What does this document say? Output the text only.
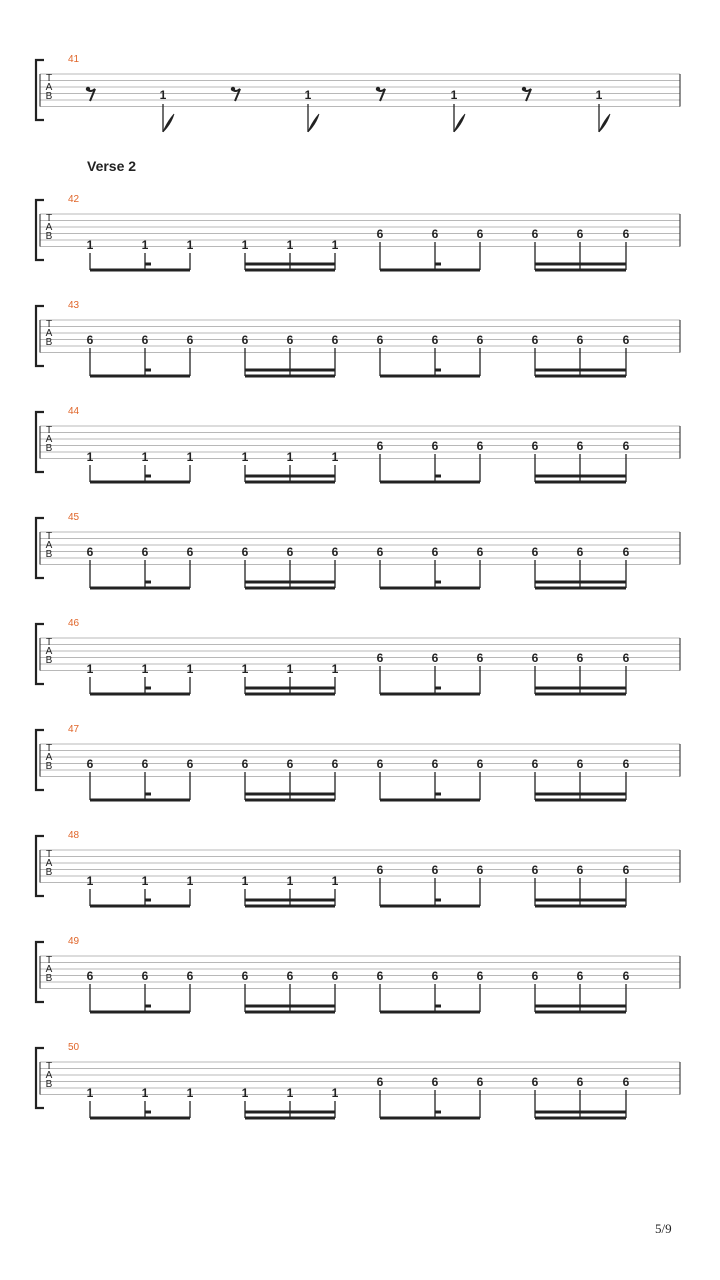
T
A
B
41
1	1	1	1
T
A
B
42
1	1	1	1	1	1
6	6	6	6	6	6
T
A
B
43
6	6	6	6	6	6	6	6	6	6	6	6
T
A
B
44
1	1	1	1	1	1
6	6	6	6	6	6
T
A
B
45
6	6	6	6	6	6	6	6	6	6	6	6
T
A
B
46
1	1	1	1	1	1
6	6	6	6	6	6
T
A
B
47
6	6	6	6	6	6	6	6	6	6	6	6
T
A
B
48
1	1	1	1	1	1
6	6	6	6	6	6
T
A
B
49
6	6	6	6	6	6	6	6	6	6	6	6
T
A
B
50
1	1	1	1	1	1
6	6	6	6	6	6
Verse 2
5/9
